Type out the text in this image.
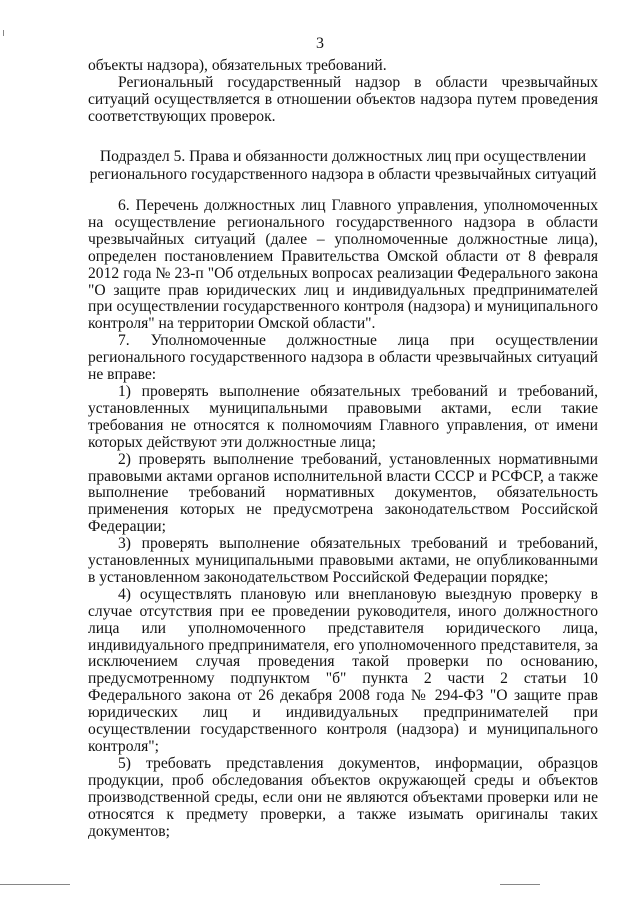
3

объекты надзора), обязательных требований.

Региональный государственный надзор в области чрезвычайных ситуаций осуществляется в отношении объектов надзора путем проведения соответствующих проверок.

Подраздел 5. Права и обязанности должностных лиц при осуществлении
регионального государственного надзора в области чрезвычайных ситуаций

6. Перечень должностных лиц Главного управления, уполномоченных на осуществление регионального государственного надзора в области чрезвычайных ситуаций (далее – уполномоченные должностные лица), определен постановлением Правительства Омской области от 8 февраля 2012 года № 23-п "Об отдельных вопросах реализации Федерального закона "О защите прав юридических лиц и индивидуальных предпринимателей при осуществлении государственного контроля (надзора) и муниципального контроля" на территории Омской области".

7. Уполномоченные должностные лица при осуществлении регионального государственного надзора в области чрезвычайных ситуаций не вправе:

1) проверять выполнение обязательных требований и требований, установленных муниципальными правовыми актами, если такие требования не относятся к полномочиям Главного управления, от имени которых действуют эти должностные лица;

2) проверять выполнение требований, установленных нормативными правовыми актами органов исполнительной власти СССР и РСФСР, а также выполнение требований нормативных документов, обязательность применения которых не предусмотрена законодательством Российской Федерации;

3) проверять выполнение обязательных требований и требований, установленных муниципальными правовыми актами, не опубликованными в установленном законодательством Российской Федерации порядке;

4) осуществлять плановую или внеплановую выездную проверку в случае отсутствия при ее проведении руководителя, иного должностного лица или уполномоченного представителя юридического лица, индивидуального предпринимателя, его уполномоченного представителя, за исключением случая проведения такой проверки по основанию, предусмотренному подпунктом "б" пункта 2 части 2 статьи 10 Федерального закона от 26 декабря 2008 года № 294-ФЗ "О защите прав юридических лиц и индивидуальных предпринимателей при осуществлении государственного контроля (надзора) и муниципального контроля";

5) требовать представления документов, информации, образцов продукции, проб обследования объектов окружающей среды и объектов производственной среды, если они не являются объектами проверки или не относятся к предмету проверки, а также изымать оригиналы таких документов;
